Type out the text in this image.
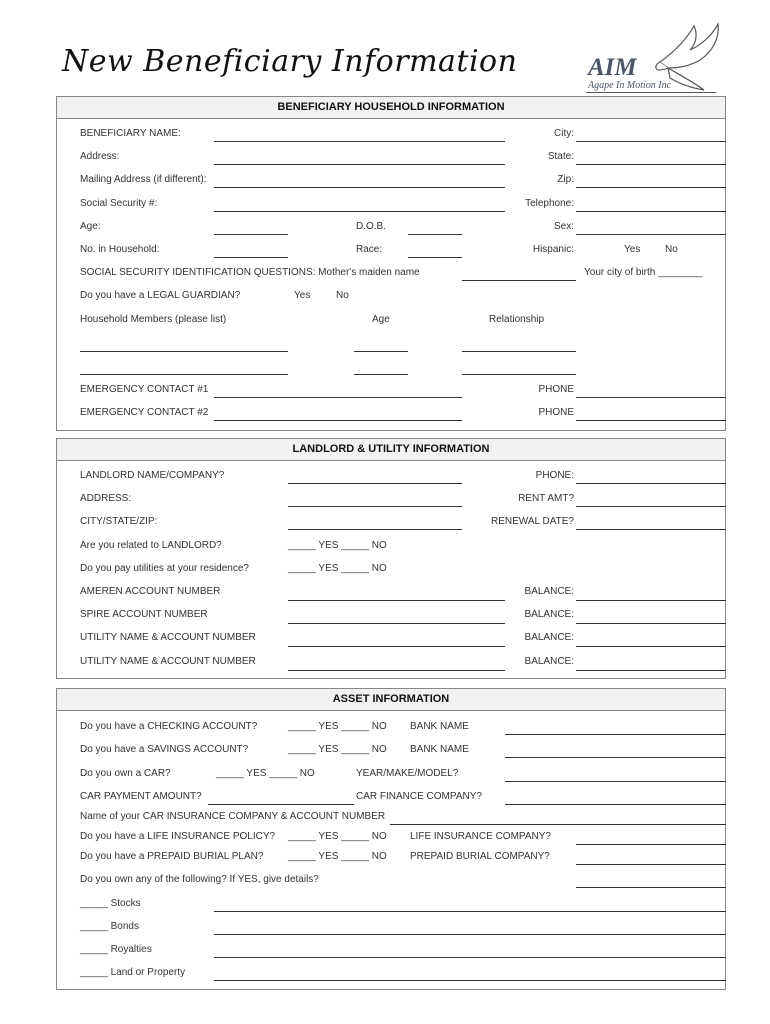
New Beneficiary Information	AIM
Agape In Motion Inc
BENEFICIARY HOUSEHOLD INFORMATION
BENEFICIARY NAME:	City:
Address:	State:
Mailing Address (if different):	Zip:
Social Security #:	Telephone:
Age:	D.O.B.	Sex:
No. in Household:	Race:	Hispanic:	Yes No
SOCIAL SECURITY IDENTIFICATION QUESTIONS: Mother's maiden name	Your city of birth ________
Do you have a LEGAL GUARDIAN?	Yes	No
Household Members (please list)	Age	Relationship
EMERGENCY CONTACT #1	PHONE
EMERGENCY CONTACT #2	PHONE
LANDLORD & UTILITY INFORMATION
LANDLORD NAME/COMPANY?	PHONE:
ADDRESS:	RENT AMT?
CITY/STATE/ZIP:	RENEWAL DATE?
Are you related to LANDLORD?	_____ YES _____ NO
Do you pay utilities at your residence?	_____ YES _____ NO
AMEREN ACCOUNT NUMBER	BALANCE:
SPIRE ACCOUNT NUMBER	BALANCE:
UTILITY NAME & ACCOUNT NUMBER	BALANCE:
UTILITY NAME & ACCOUNT NUMBER	BALANCE:
ASSET INFORMATION
Do you have a CHECKING ACCOUNT?	_____ YES _____ NO BANK NAME
Do you have a SAVINGS ACCOUNT?	_____ YES _____ NO BANK NAME
Do you own a CAR?	_____ YES _____ NO	YEAR/MAKE/MODEL?
CAR PAYMENT AMOUNT?	CAR FINANCE COMPANY?
Name of your CAR INSURANCE COMPANY & ACCOUNT NUMBER
Do you have a LIFE INSURANCE POLICY? _____ YES _____ NO LIFE INSURANCE COMPANY?
Do you have a PREPAID BURIAL PLAN? _____ YES _____ NO PREPAID BURIAL COMPANY?
Do you own any of the following? If YES, give details?
_____ Stocks
_____ Bonds
_____ Royalties
_____ Land or Property
